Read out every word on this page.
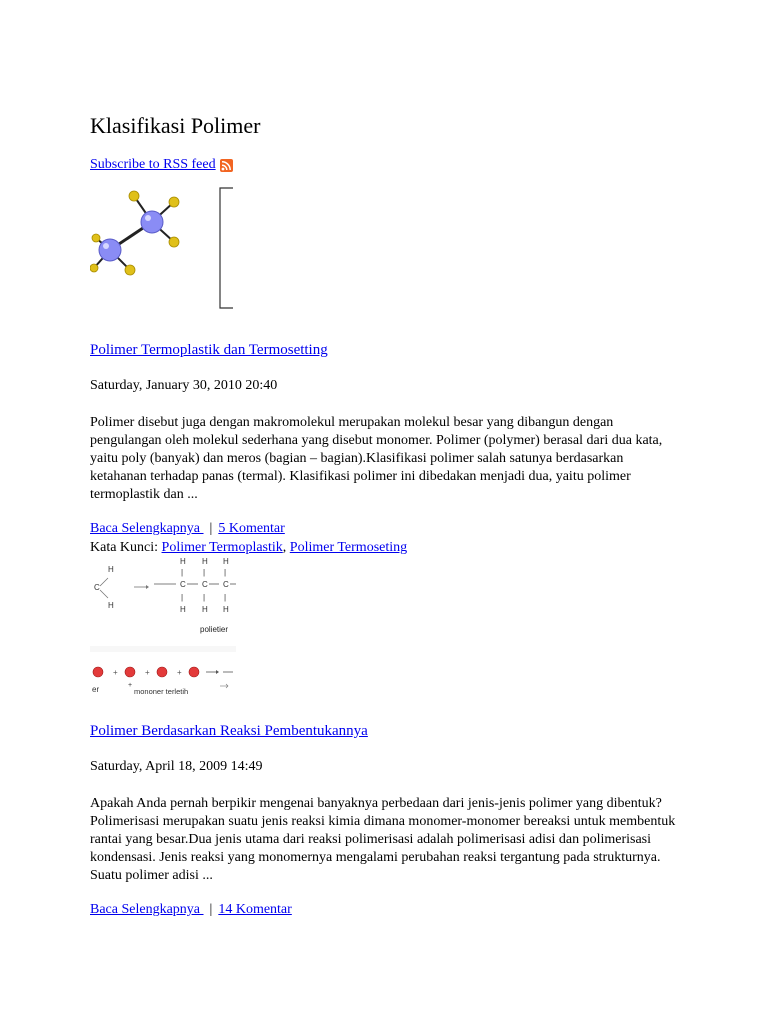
Klasifikasi Polimer
Subscribe to RSS feed
Polimer Termoplastik dan Termosetting
Saturday, January 30, 2010 20:40

Polimer disebut juga dengan makromolekul merupakan molekul besar yang dibangun dengan pengulangan oleh molekul sederhana yang disebut monomer. Polimer (polymer) berasal dari dua kata, yaitu poly (banyak) dan meros (bagian – bagian).Klasifikasi polimer salah satunya berdasarkan ketahanan terhadap panas (termal). Klasifikasi polimer ini dibedakan menjadi dua, yaitu polimer termoplastik dan ...

Baca Selengkapnya | 5 Komentar
Kata Kunci: Polimer Termoplastik, Polimer Termoseting
H
C
H
H H H
| | |
C C C
| | |
H H H
polietier
+	+	+
er	+
mononer terletih
Polimer Berdasarkan Reaksi Pembentukannya
Saturday, April 18, 2009 14:49

Apakah Anda pernah berpikir mengenai banyaknya perbedaan dari jenis-jenis polimer yang dibentuk? Polimerisasi merupakan suatu jenis reaksi kimia dimana monomer-monomer bereaksi untuk membentuk rantai yang besar.Dua jenis utama dari reaksi polimerisasi adalah polimerisasi adisi dan polimerisasi kondensasi. Jenis reaksi yang monomernya mengalami perubahan reaksi tergantung pada strukturnya. Suatu polimer adisi ...

Baca Selengkapnya | 14 Komentar
